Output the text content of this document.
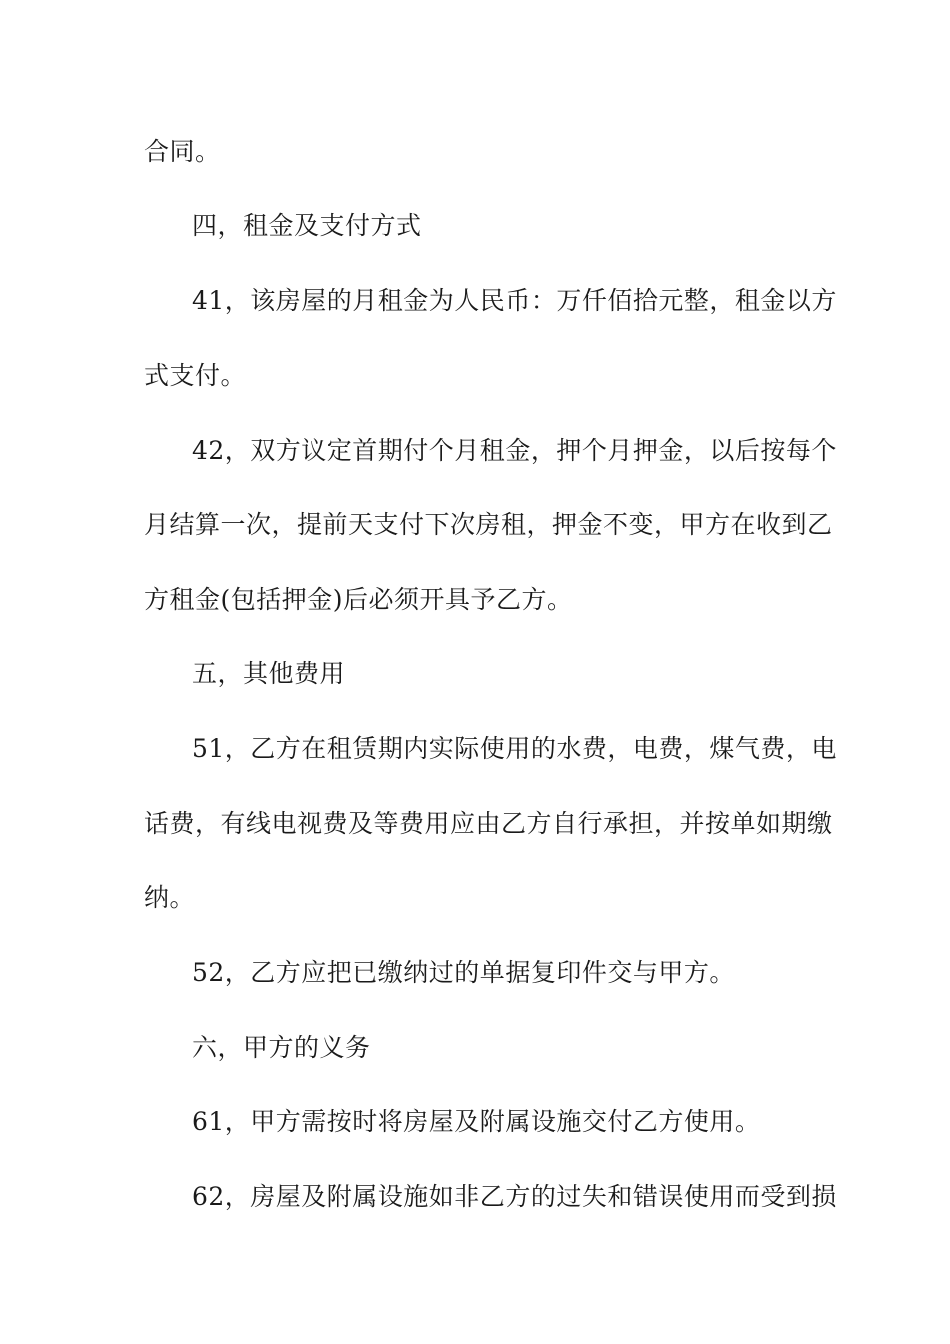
合同。
四，租金及支付方式
41，该房屋的月租金为人民币：万仟佰拾元整，租金以方
式支付。
42，双方议定首期付个月租金，押个月押金，以后按每个
月结算一次，提前天支付下次房租，押金不变，甲方在收到乙
方租金(包括押金)后必须开具予乙方。
五，其他费用
51，乙方在租赁期内实际使用的水费，电费，煤气费，电
话费，有线电视费及等费用应由乙方自行承担，并按单如期缴
纳。
52，乙方应把已缴纳过的单据复印件交与甲方。
六，甲方的义务
61，甲方需按时将房屋及附属设施交付乙方使用。
62，房屋及附属设施如非乙方的过失和错误使用而受到损
